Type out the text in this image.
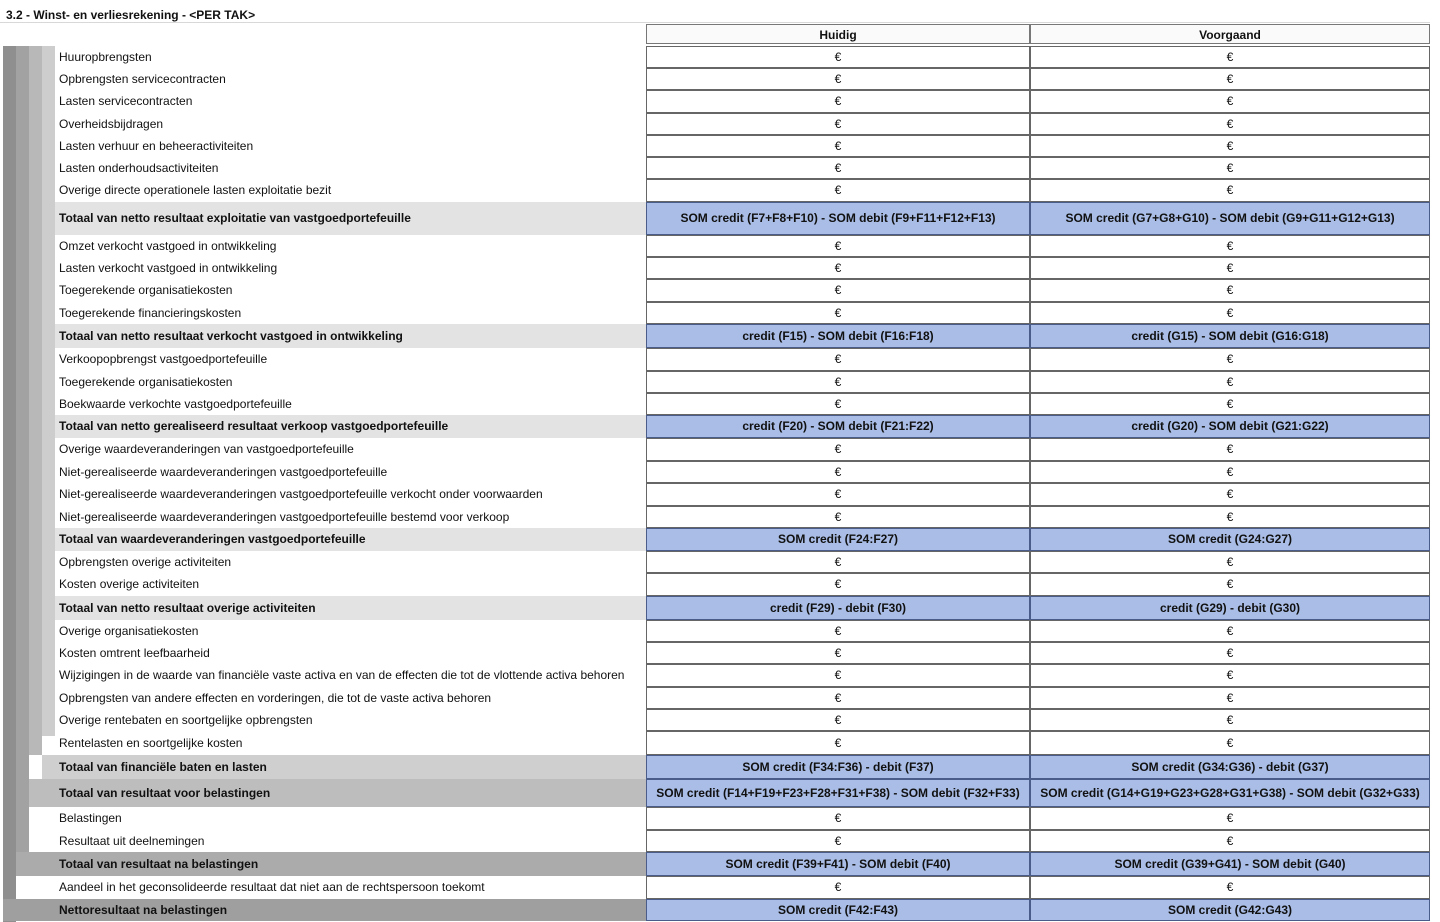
3.2 - Winst- en verliesrekening - <PER TAK>
Huidig	Voorgaand
Huuropbrengsten	€	€
Opbrengsten servicecontracten	€	€
Lasten servicecontracten	€	€
Overheidsbijdragen	€	€
Lasten verhuur en beheeractiviteiten	€	€
Lasten onderhoudsactiviteiten	€	€
Overige directe operationele lasten exploitatie bezit	€	€
Totaal van netto resultaat exploitatie van vastgoedportefeuille	SOM credit (F7+F8+F10) - SOM debit (F9+F11+F12+F13)	SOM credit (G7+G8+G10) - SOM debit (G9+G11+G12+G13)
Omzet verkocht vastgoed in ontwikkeling	€	€
Lasten verkocht vastgoed in ontwikkeling	€	€
Toegerekende organisatiekosten	€	€
Toegerekende financieringskosten	€	€
Totaal van netto resultaat verkocht vastgoed in ontwikkeling	credit (F15) - SOM debit (F16:F18)	credit (G15) - SOM debit (G16:G18)
Verkoopopbrengst vastgoedportefeuille	€	€
Toegerekende organisatiekosten	€	€
Boekwaarde verkochte vastgoedportefeuille	€	€
Totaal van netto gerealiseerd resultaat verkoop vastgoedportefeuille	credit (F20) - SOM debit (F21:F22)	credit (G20) - SOM debit (G21:G22)
Overige waardeveranderingen van vastgoedportefeuille	€	€
Niet-gerealiseerde waardeveranderingen vastgoedportefeuille	€	€
Niet-gerealiseerde waardeveranderingen vastgoedportefeuille verkocht onder voorwaarden	€	€
Niet-gerealiseerde waardeveranderingen vastgoedportefeuille bestemd voor verkoop	€	€
Totaal van waardeveranderingen vastgoedportefeuille	SOM credit (F24:F27)	SOM credit (G24:G27)
Opbrengsten overige activiteiten	€	€
Kosten overige activiteiten	€	€
Totaal van netto resultaat overige activiteiten	credit (F29) - debit (F30)	credit (G29) - debit (G30)
Overige organisatiekosten	€	€
Kosten omtrent leefbaarheid	€	€
Wijzigingen in de waarde van financiële vaste activa en van de effecten die tot de vlottende activa behoren	€	€
Opbrengsten van andere effecten en vorderingen, die tot de vaste activa behoren	€	€
Overige rentebaten en soortgelijke opbrengsten	€	€
Rentelasten en soortgelijke kosten	€	€
Totaal van financiële baten en lasten	SOM credit (F34:F36) - debit (F37)	SOM credit (G34:G36) - debit (G37)
Totaal van resultaat voor belastingen	SOM credit (F14+F19+F23+F28+F31+F38) - SOM debit (F32+F33)	SOM credit (G14+G19+G23+G28+G31+G38) - SOM debit (G32+G33)
Belastingen	€	€
Resultaat uit deelnemingen	€	€
Totaal van resultaat na belastingen	SOM credit (F39+F41) - SOM debit (F40)	SOM credit (G39+G41) - SOM debit (G40)
Aandeel in het geconsolideerde resultaat dat niet aan de rechtspersoon toekomt	€	€
Nettoresultaat na belastingen	SOM credit (F42:F43)	SOM credit (G42:G43)
